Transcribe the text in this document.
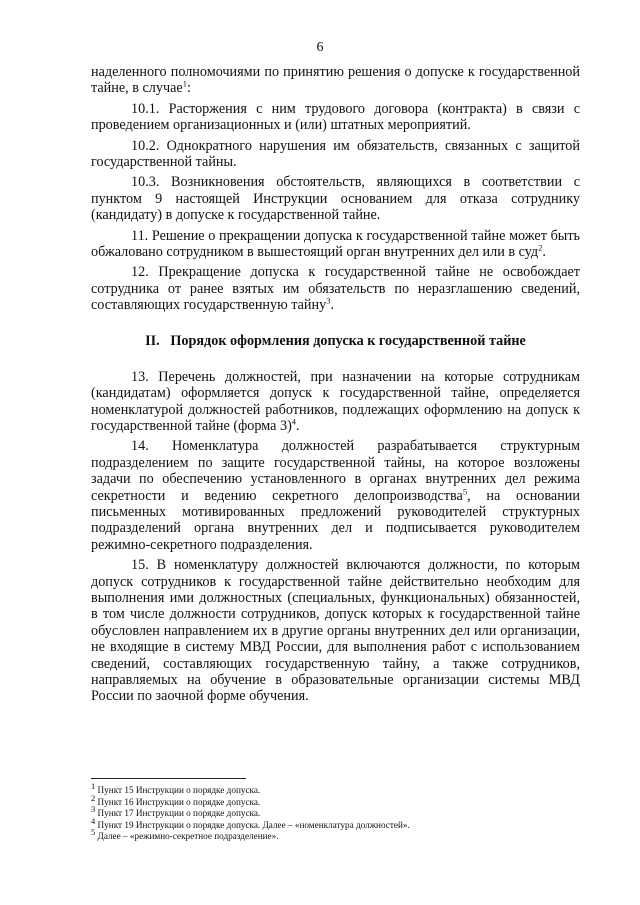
6

наделенного полномочиями по принятию решения о допуске к государственной тайне, в случае$^1$:

10.1. Расторжения с ним трудового договора (контракта) в связи с проведением организационных и (или) штатных мероприятий.

10.2. Однократного нарушения им обязательств, связанных с защитой государственной тайны.

10.3. Возникновения обстоятельств, являющихся в соответствии с пунктом 9 настоящей Инструкции основанием для отказа сотруднику (кандидату) в допуске к государственной тайне.

11. Решение о прекращении допуска к государственной тайне может быть обжаловано сотрудником в вышестоящий орган внутренних дел или в суд$^2$.

12. Прекращение допуска к государственной тайне не освобождает сотрудника от ранее взятых им обязательств по неразглашению сведений, составляющих государственную тайну$^3$.

II.   Порядок оформления допуска к государственной тайне

13. Перечень должностей, при назначении на которые сотрудникам (кандидатам) оформляется допуск к государственной тайне, определяется номенклатурой должностей работников, подлежащих оформлению на допуск к государственной тайне (форма 3)$^4$.

14. Номенклатура должностей разрабатывается структурным подразделением по защите государственной тайны, на которое возложены задачи по обеспечению установленного в органах внутренних дел режима секретности и ведению секретного делопроизводства$^5$, на основании письменных мотивированных предложений руководителей структурных подразделений органа внутренних дел и подписывается руководителем режимно-секретного подразделения.

15. В номенклатуру должностей включаются должности, по которым допуск сотрудников к государственной тайне действительно необходим для выполнения ими должностных (специальных, функциональных) обязанностей, в том числе должности сотрудников, допуск которых к государственной тайне обусловлен направлением их в другие органы внутренних дел или организации, не входящие в систему МВД России, для выполнения работ с использованием сведений, составляющих государственную тайну, а также сотрудников, направляемых на обучение в образовательные организации системы МВД России по заочной форме обучения.

$^1$ Пункт 15 Инструкции о порядке допуска.
$^2$ Пункт 16 Инструкции о порядке допуска.
$^3$ Пункт 17 Инструкции о порядке допуска.
$^4$ Пункт 19 Инструкции о порядке допуска. Далее – «номенклатура должностей».
$^5$ Далее – «режимно-секретное подразделение».
